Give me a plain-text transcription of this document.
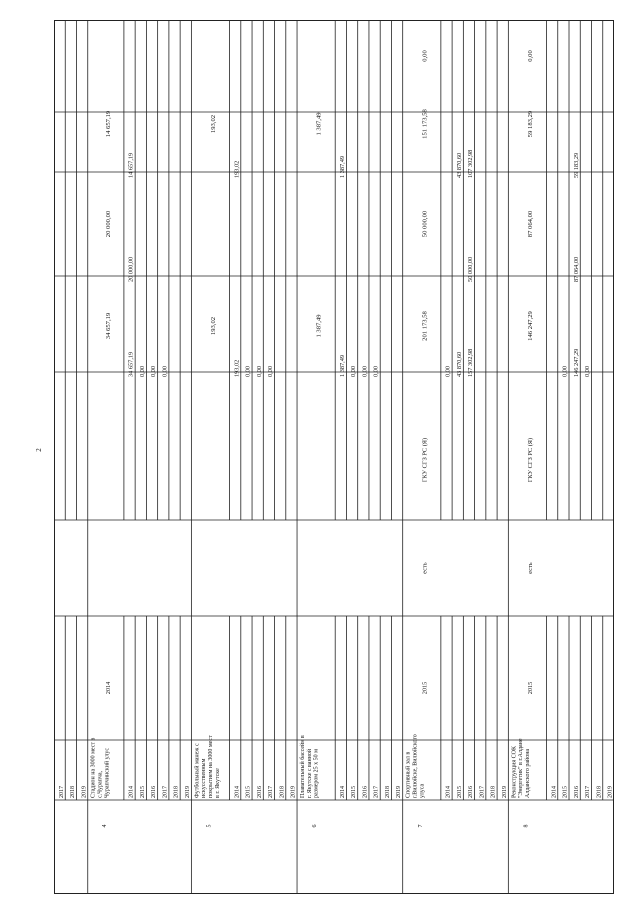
2
2017 2018 2019	2014
34 657,19
20 000,00
14 657,19
2015
0,00
2016
0,00
2017
0,00
2018 2019
Стадион на 3000 мест в с.Чурапча, Чурапчинский улус
4
2014
34 657,19
20 000,00
14 657,19
2014
193,02
193,02
2015
0,00
2016
0,00
2017
0,00
2018 2019
Футбольный манеж с искусственным покрытием на 3000 мест в г. Якутске
5
193,02
193,02
2014
1 387,49
1 387,49
2015
0,00
2016
0,00
2017
0,00
2018 2019
Плавательный бассейн в г. Якутске с ванной размером 25 x 50 м
6
1 387,49
1 387,49
2014
0,00
2015
43 870,60
43 870,60
2016
157 302,98
50 000,00
107 302,98
2017 2018 2019
Спортивный зал в г.Вилюйске, Вилюйского улуса
7
2015
есть
ГКУ СГЗ РС (Я)
201 173,58
50 000,00
151 173,58
0,00
2014 2015
0,00
2016
146 247,29
87 064,00
59 183,29
2017
0,00
2018 2019
Реконструкция СОК "Энергетик" в г.Алдане Алданского района
8
2015
есть
ГКУ СГЗ РС (Я)
146 247,29
87 064,00
59 183,29
0,00
